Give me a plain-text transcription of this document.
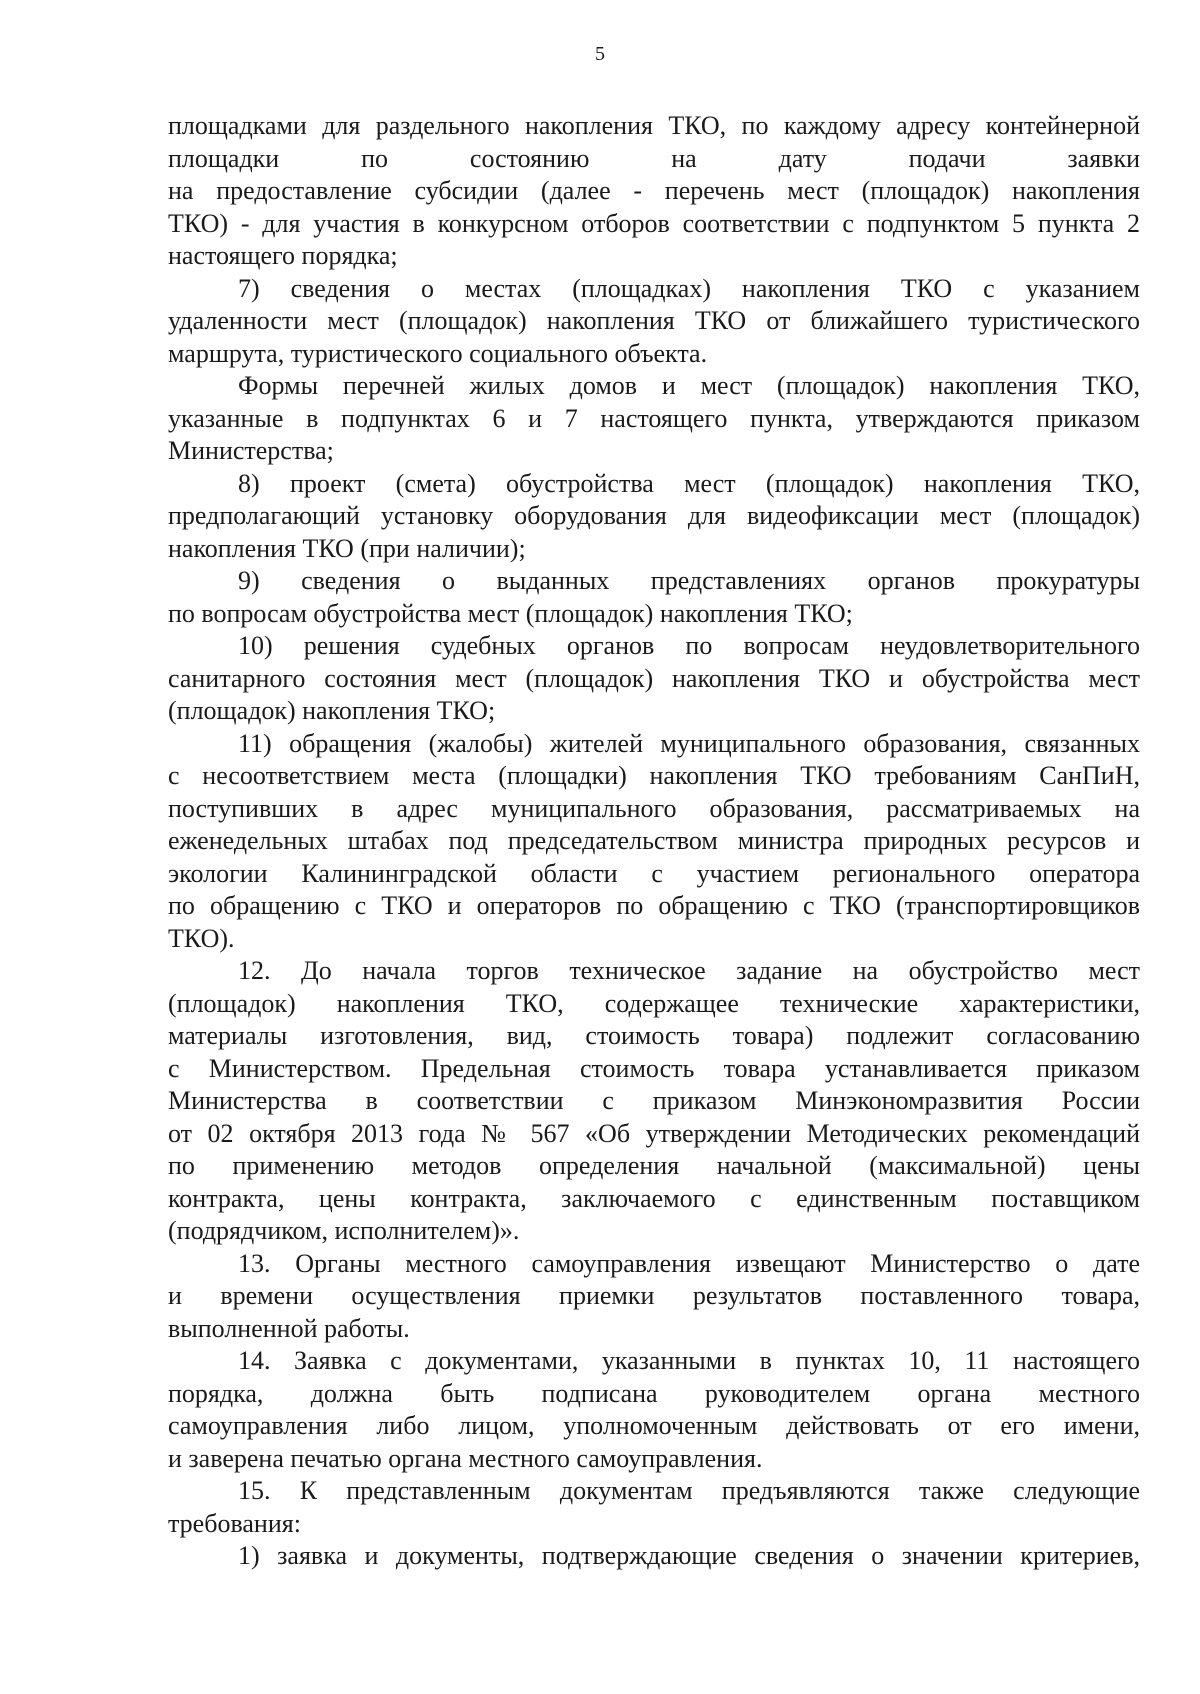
5
площадками для раздельного накопления ТКО, по каждому адресу контейнерной
площадки по состоянию на дату подачи заявки
на предоставление субсидии (далее - перечень мест (площадок) накопления
ТКО) - для участия в конкурсном отборов соответствии с подпунктом 5 пункта 2
настоящего порядка;
7) сведения о местах (площадках) накопления ТКО с указанием
удаленности мест (площадок) накопления ТКО от ближайшего туристического
маршрута, туристического социального объекта.
Формы перечней жилых домов и мест (площадок) накопления ТКО,
указанные в подпунктах 6 и 7 настоящего пункта, утверждаются приказом
Министерства;
8) проект (смета) обустройства мест (площадок) накопления ТКО,
предполагающий установку оборудования для видеофиксации мест (площадок)
накопления ТКО (при наличии);
9) сведения о выданных представлениях органов прокуратуры
по вопросам обустройства мест (площадок) накопления ТКО;
10) решения судебных органов по вопросам неудовлетворительного
санитарного состояния мест (площадок) накопления ТКО и обустройства мест
(площадок) накопления ТКО;
11) обращения (жалобы) жителей муниципального образования, связанных
с несоответствием места (площадки) накопления ТКО требованиям СанПиН,
поступивших в адрес муниципального образования, рассматриваемых на
еженедельных штабах под председательством министра природных ресурсов и
экологии Калининградской области с участием регионального оператора
по обращению с ТКО и операторов по обращению с ТКО (транспортировщиков
ТКО).
12. До начала торгов техническое задание на обустройство мест
(площадок) накопления ТКО, содержащее технические характеристики,
материалы изготовления, вид, стоимость товара) подлежит согласованию
с Министерством. Предельная стоимость товара устанавливается приказом
Министерства в соответствии с приказом Минэкономразвития России
от 02 октября 2013 года № 567 «Об утверждении Методических рекомендаций
по применению методов определения начальной (максимальной) цены
контракта, цены контракта, заключаемого с единственным поставщиком
(подрядчиком, исполнителем)».
13. Органы местного самоуправления извещают Министерство о дате
и времени осуществления приемки результатов поставленного товара,
выполненной работы.
14. Заявка с документами, указанными в пунктах 10, 11 настоящего
порядка, должна быть подписана руководителем органа местного
самоуправления либо лицом, уполномоченным действовать от его имени,
и заверена печатью органа местного самоуправления.
15. К представленным документам предъявляются также следующие
требования:
1) заявка и документы, подтверждающие сведения о значении критериев,
